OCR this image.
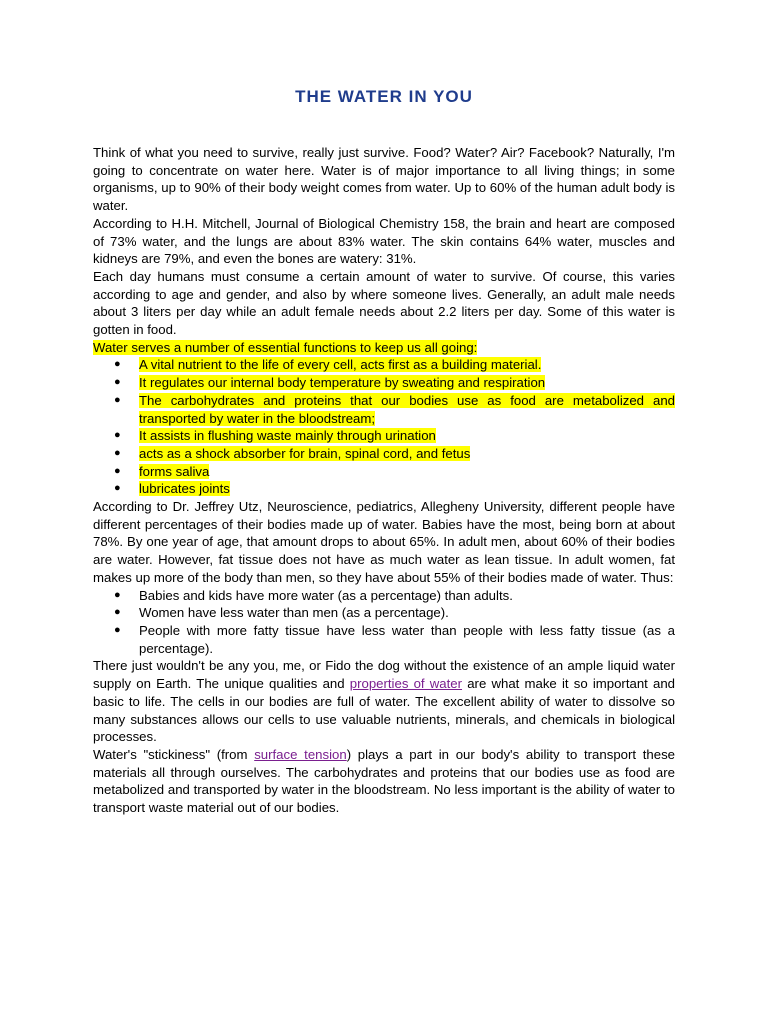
THE WATER IN YOU

Think of what you need to survive, really just survive. Food? Water? Air? Facebook? Naturally, I'm going to concentrate on water here. Water is of major importance to all living things; in some organisms, up to 90% of their body weight comes from water. Up to 60% of the human adult body is water.

According to H.H. Mitchell, Journal of Biological Chemistry 158, the brain and heart are composed of 73% water, and the lungs are about 83% water. The skin contains 64% water, muscles and kidneys are 79%, and even the bones are watery: 31%.

Each day humans must consume a certain amount of water to survive. Of course, this varies according to age and gender, and also by where someone lives. Generally, an adult male needs about 3 liters per day while an adult female needs about 2.2 liters per day. Some of this water is gotten in food.

Water serves a number of essential functions to keep us all going:

● A vital nutrient to the life of every cell, acts first as a building material.
● It regulates our internal body temperature by sweating and respiration
● The carbohydrates and proteins that our bodies use as food are metabolized and transported by water in the bloodstream;
● It assists in flushing waste mainly through urination
● acts as a shock absorber for brain, spinal cord, and fetus
● forms saliva
● lubricates joints

According to Dr. Jeffrey Utz, Neuroscience, pediatrics, Allegheny University, different people have different percentages of their bodies made up of water. Babies have the most, being born at about 78%. By one year of age, that amount drops to about 65%. In adult men, about 60% of their bodies are water. However, fat tissue does not have as much water as lean tissue. In adult women, fat makes up more of the body than men, so they have about 55% of their bodies made of water. Thus:

● Babies and kids have more water (as a percentage) than adults.
● Women have less water than men (as a percentage).
● People with more fatty tissue have less water than people with less fatty tissue (as a percentage).

There just wouldn't be any you, me, or Fido the dog without the existence of an ample liquid water supply on Earth. The unique qualities and properties of water are what make it so important and basic to life. The cells in our bodies are full of water. The excellent ability of water to dissolve so many substances allows our cells to use valuable nutrients, minerals, and chemicals in biological processes.

Water's "stickiness" (from surface tension) plays a part in our body's ability to transport these materials all through ourselves. The carbohydrates and proteins that our bodies use as food are metabolized and transported by water in the bloodstream. No less important is the ability of water to transport waste material out of our bodies.
